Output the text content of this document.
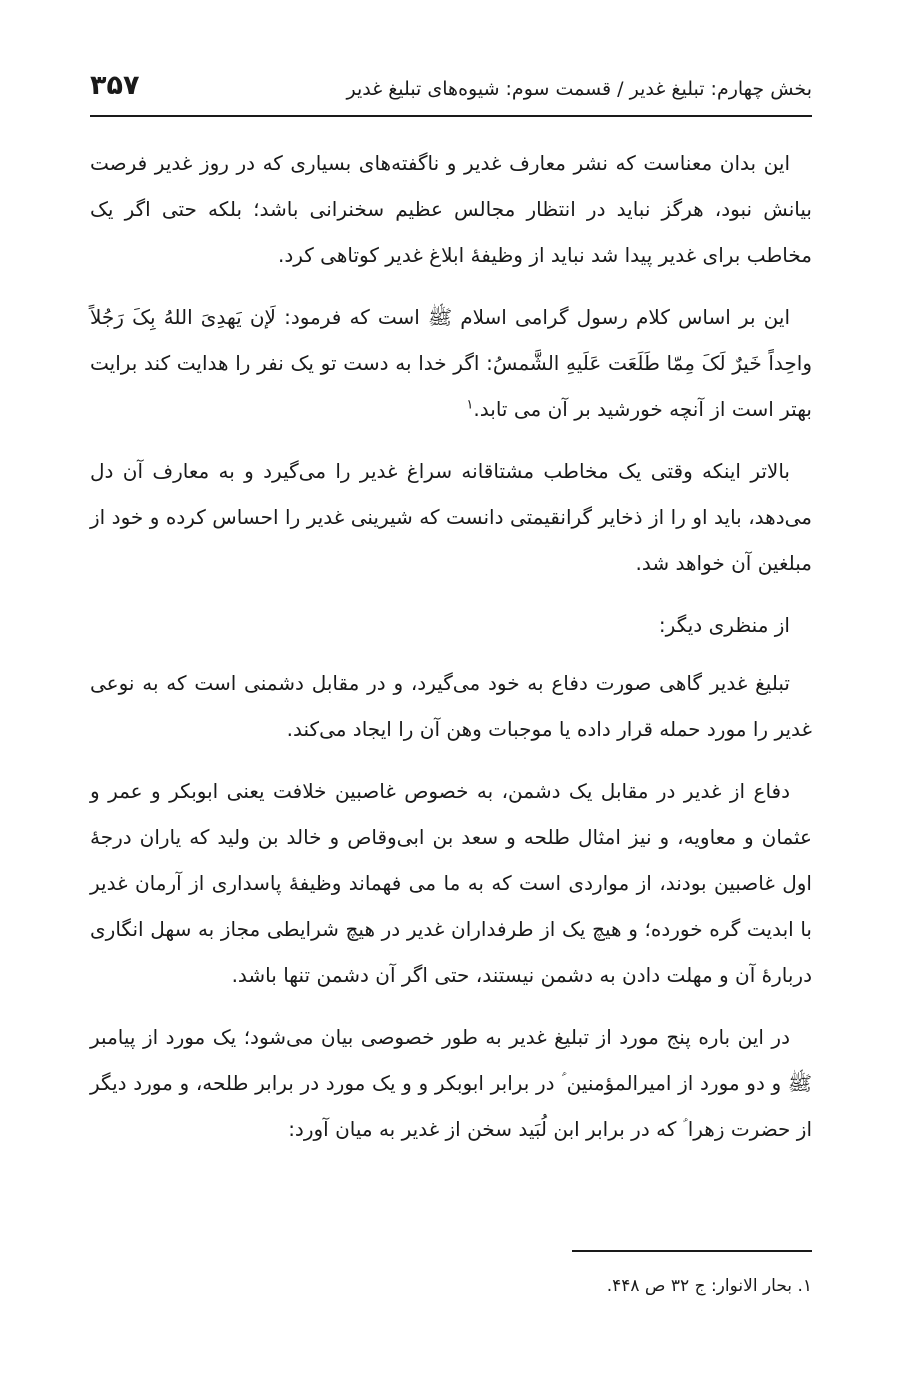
بخش چهارم: تبلیغ غدیر / قسمت سوم: شیوه‌های تبلیغ غدیر
۳۵۷

این بدان معناست که نشر معارف غدیر و ناگفته‌های بسیاری که در روز غدیر فرصت بیانش نبود، هرگز نباید در انتظار مجالس عظیم سخنرانی باشد؛ بلکه حتی اگر یک مخاطب برای غدیر پیدا شد نباید از وظیفهٔ ابلاغ غدیر کوتاهی کرد.

این بر اساس کلام رسول گرامی اسلام ﷺ است که فرمود: لَإن یَهدِیَ اللهُ بِکَ رَجُلاً واحِداً خَیرٌ لَکَ مِمّا طَلَعَت عَلَیهِ الشَّمسُ: اگر خدا به دست تو یک نفر را هدایت کند برایت بهتر است از آنچه خورشید بر آن می تابد.$^۱$

بالاتر اینکه وقتی یک مخاطب مشتاقانه سراغ غدیر را می‌گیرد و به معارف آن دل می‌دهد، باید او را از ذخایر گرانقیمتی دانست که شیرینی غدیر را احساس کرده و خود از مبلغین آن خواهد شد.

از منظری دیگر:

تبلیغ غدیر گاهی صورت دفاع به خود می‌گیرد، و در مقابل دشمنی است که به نوعی غدیر را مورد حمله قرار داده یا موجبات وهن آن را ایجاد می‌کند.

دفاع از غدیر در مقابل یک دشمن، به خصوص غاصبین خلافت یعنی ابوبکر و عمر و عثمان و معاویه، و نیز امثال طلحه و سعد بن ابی‌وقاص و خالد بن ولید که یاران درجهٔ اول غاصبین بودند، از مواردی است که به ما می فهماند وظیفهٔ پاسداری از آرمان غدیر با ابدیت گره خورده؛ و هیچ یک از طرفداران غدیر در هیچ شرایطی مجاز به سهل انگاری دربارهٔ آن و مهلت دادن به دشمن نیستند، حتی اگر آن دشمن تنها باشد.

در این باره پنج مورد از تبلیغ غدیر به طور خصوصی بیان می‌شود؛ یک مورد از پیامبر ﷺ و دو مورد از امیرالمؤمنین ؑ در برابر ابوبکر و و یک مورد در برابر طلحه، و مورد دیگر از حضرت زهرا ؑ که در برابر ابن لُبَید سخن از غدیر به میان آورد:

۱. بحار الانوار: ج ۳۲ ص ۴۴۸.
